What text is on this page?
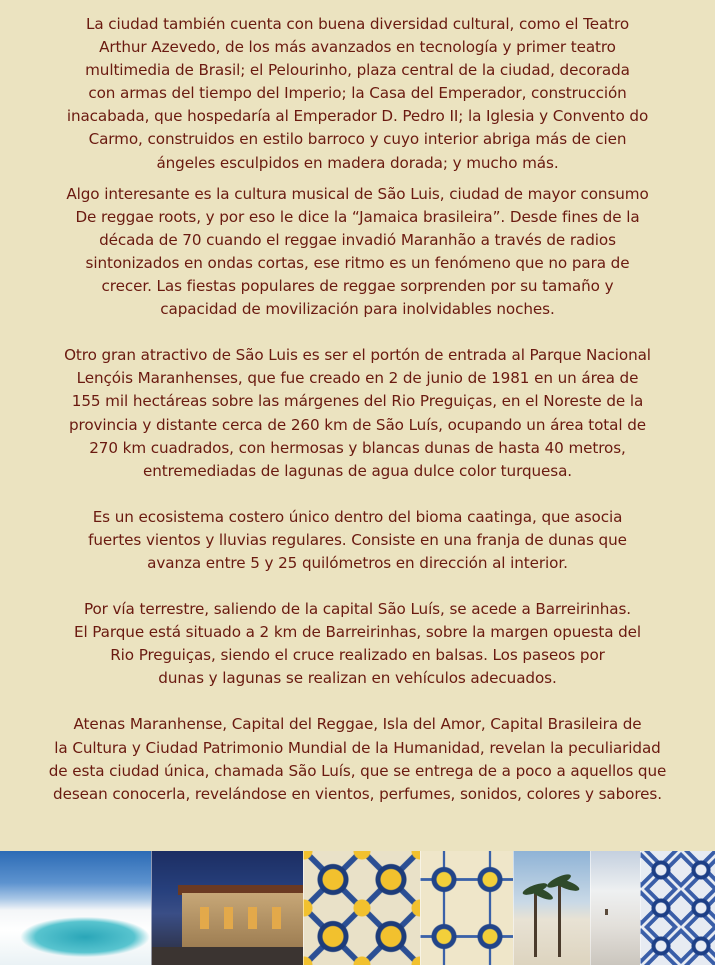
La ciudad también cuenta con buena diversidad cultural, como el Teatro
Arthur Azevedo, de los más avanzados en tecnología y primer teatro
multimedia de Brasil; el Pelourinho, plaza central de la ciudad, decorada
con armas del tiempo del Imperio; la Casa del Emperador, construcción
inacabada, que hospedaría al Emperador D. Pedro II; la Iglesia y Convento do
Carmo, construidos en estilo barroco y cuyo interior abriga más de cien
ángeles esculpidos en madera dorada; y mucho más.

Algo interesante es la cultura musical de São Luis, ciudad de mayor consumo
De reggae roots, y por eso le dice la “Jamaica brasileira”. Desde fines de la
década de 70 cuando el reggae invadió Maranhão a través de radios
sintonizados en ondas cortas, ese ritmo es un fenómeno que no para de
crecer. Las fiestas populares de reggae sorprenden por su tamaño y
capacidad de movilización para inolvidables noches.

Otro gran atractivo de São Luis es ser el portón de entrada al Parque Nacional
Lençóis Maranhenses, que fue creado en 2 de junio de 1981 en un área de
155 mil hectáreas sobre las márgenes del Rio Preguiças, en el Noreste de la
provincia y distante cerca de 260 km de São Luís, ocupando un área total de
270 km cuadrados, con hermosas y blancas dunas de hasta 40 metros,
entremediadas de lagunas de agua dulce color turquesa.

Es un ecosistema costero único dentro del bioma caatinga, que asocia
fuertes vientos y lluvias regulares. Consiste en una franja de dunas que
avanza entre 5 y 25 quilómetros en dirección al interior.

Por vía terrestre, saliendo de la capital São Luís, se acede a Barreirinhas.
El Parque está situado a 2 km de Barreirinhas, sobre la margen opuesta del
Rio Preguiças, siendo el cruce realizado en balsas. Los paseos por
dunas y lagunas se realizan en vehículos adecuados.

Atenas Maranhense, Capital del Reggae, Isla del Amor, Capital Brasileira de
la Cultura y Ciudad Patrimonio Mundial de la Humanidad, revelan la peculiaridad
de esta ciudad única, chamada São Luís, que se entrega de a poco a aquellos que
desean conocerla, revelándose en vientos, perfumes, sonidos, colores y sabores.
